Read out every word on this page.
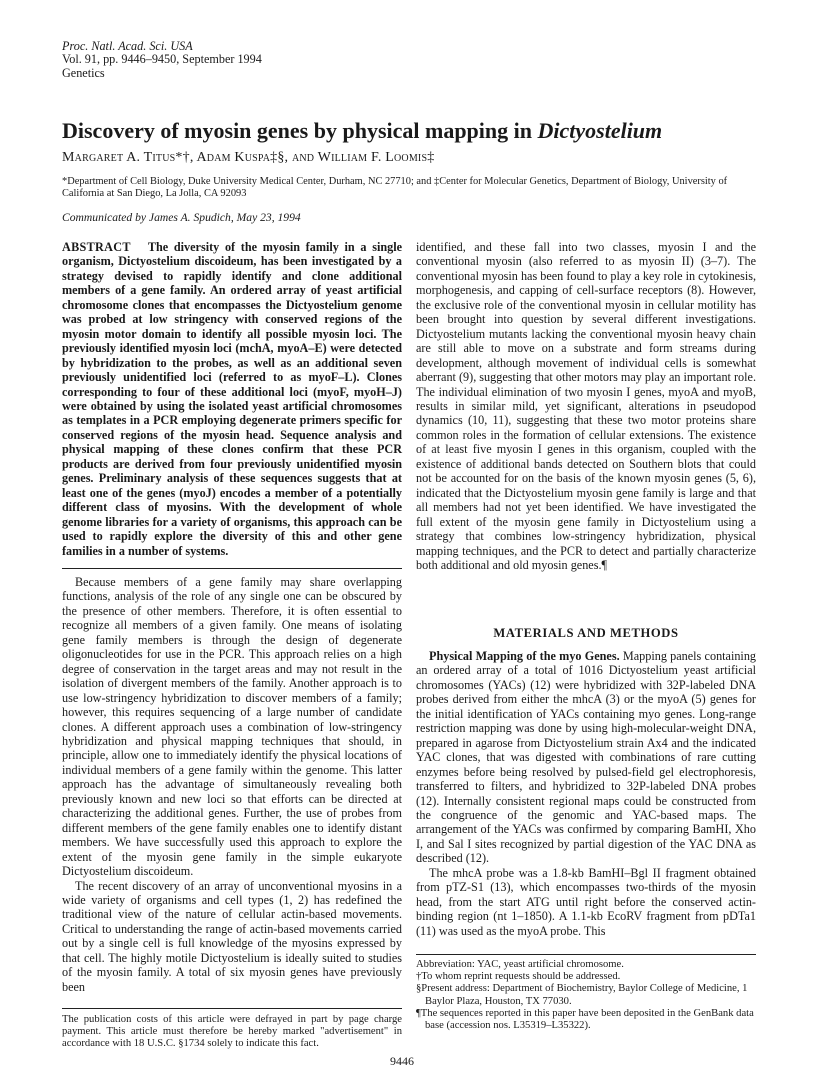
Proc. Natl. Acad. Sci. USA
Vol. 91, pp. 9446–9450, September 1994
Genetics
Discovery of myosin genes by physical mapping in Dictyostelium
Margaret A. Titus*†, Adam Kuspa‡§, and William F. Loomis‡
*Department of Cell Biology, Duke University Medical Center, Durham, NC 27710; and ‡Center for Molecular Genetics, Department of Biology, University of California at San Diego, La Jolla, CA 92093
Communicated by James A. Spudich, May 23, 1994
ABSTRACT The diversity of the myosin family in a single organism, Dictyostelium discoideum, has been investigated by a strategy devised to rapidly identify and clone additional members of a gene family. An ordered array of yeast artificial chromosome clones that encompasses the Dictyostelium genome was probed at low stringency with conserved regions of the myosin motor domain to identify all possible myosin loci. The previously identified myosin loci (mchA, myoA–E) were detected by hybridization to the probes, as well as an additional seven previously unidentified loci (referred to as myoF–L). Clones corresponding to four of these additional loci (myoF, myoH–J) were obtained by using the isolated yeast artificial chromosomes as templates in a PCR employing degenerate primers specific for conserved regions of the myosin head. Sequence analysis and physical mapping of these clones confirm that these PCR products are derived from four previously unidentified myosin genes. Preliminary analysis of these sequences suggests that at least one of the genes (myoJ) encodes a member of a potentially different class of myosins. With the development of whole genome libraries for a variety of organisms, this approach can be used to rapidly explore the diversity of this and other gene families in a number of systems.

Because members of a gene family may share overlapping functions, analysis of the role of any single one can be obscured by the presence of other members. Therefore, it is often essential to recognize all members of a given family. One means of isolating gene family members is through the design of degenerate oligonucleotides for use in the PCR. This approach relies on a high degree of conservation in the target areas and may not result in the isolation of divergent members of the family. Another approach is to use low-stringency hybridization to discover members of a family; however, this requires sequencing of a large number of candidate clones. A different approach uses a combination of low-stringency hybridization and physical mapping techniques that should, in principle, allow one to immediately identify the physical locations of individual members of a gene family within the genome. This latter approach has the advantage of simultaneously revealing both previously known and new loci so that efforts can be directed at characterizing the additional genes. Further, the use of probes from different members of the gene family enables one to identify distant members. We have successfully used this approach to explore the extent of the myosin gene family in the simple eukaryote Dictyostelium discoideum.

The recent discovery of an array of unconventional myosins in a wide variety of organisms and cell types (1, 2) has redefined the traditional view of the nature of cellular actin-based movements. Critical to understanding the range of actin-based movements carried out by a single cell is full knowledge of the myosins expressed by that cell. The highly motile Dictyostelium is ideally suited to studies of the myosin family. A total of six myosin genes have previously been

identified, and these fall into two classes, myosin I and the conventional myosin (also referred to as myosin II) (3–7). The conventional myosin has been found to play a key role in cytokinesis, morphogenesis, and capping of cell-surface receptors (8). However, the exclusive role of the conventional myosin in cellular motility has been brought into question by several different investigations. Dictyostelium mutants lacking the conventional myosin heavy chain are still able to move on a substrate and form streams during development, although movement of individual cells is somewhat aberrant (9), suggesting that other motors may play an important role. The individual elimination of two myosin I genes, myoA and myoB, results in similar mild, yet significant, alterations in pseudopod dynamics (10, 11), suggesting that these two motor proteins share common roles in the formation of cellular extensions. The existence of at least five myosin I genes in this organism, coupled with the existence of additional bands detected on Southern blots that could not be accounted for on the basis of the known myosin genes (5, 6), indicated that the Dictyostelium myosin gene family is large and that all members had not yet been identified. We have investigated the full extent of the myosin gene family in Dictyostelium using a strategy that combines low-stringency hybridization, physical mapping techniques, and the PCR to detect and partially characterize both additional and old myosin genes.¶

MATERIALS AND METHODS

Physical Mapping of the myo Genes. Mapping panels containing an ordered array of a total of 1016 Dictyostelium yeast artificial chromosomes (YACs) (12) were hybridized with 32P-labeled DNA probes derived from either the mhcA (3) or the myoA (5) genes for the initial identification of YACs containing myo genes. Long-range restriction mapping was done by using high-molecular-weight DNA, prepared in agarose from Dictyostelium strain Ax4 and the indicated YAC clones, that was digested with combinations of rare cutting enzymes before being resolved by pulsed-field gel electrophoresis, transferred to filters, and hybridized to 32P-labeled DNA probes (12). Internally consistent regional maps could be constructed from the congruence of the genomic and YAC-based maps. The arrangement of the YACs was confirmed by comparing BamHI, Xho I, and Sal I sites recognized by partial digestion of the YAC DNA as described (12).

The mhcA probe was a 1.8-kb BamHI–Bgl II fragment obtained from pTZ-S1 (13), which encompasses two-thirds of the myosin head, from the start ATG until right before the conserved actin-binding region (nt 1–1850). A 1.1-kb EcoRV fragment from pDTa1 (11) was used as the myoA probe. This

Abbreviation: YAC, yeast artificial chromosome.

†To whom reprint requests should be addressed.

§Present address: Department of Biochemistry, Baylor College of Medicine, 1 Baylor Plaza, Houston, TX 77030.

¶The sequences reported in this paper have been deposited in the GenBank data base (accession nos. L35319–L35322).

The publication costs of this article were defrayed in part by page charge payment. This article must therefore be hereby marked "advertisement" in accordance with 18 U.S.C. §1734 solely to indicate this fact.
9446
